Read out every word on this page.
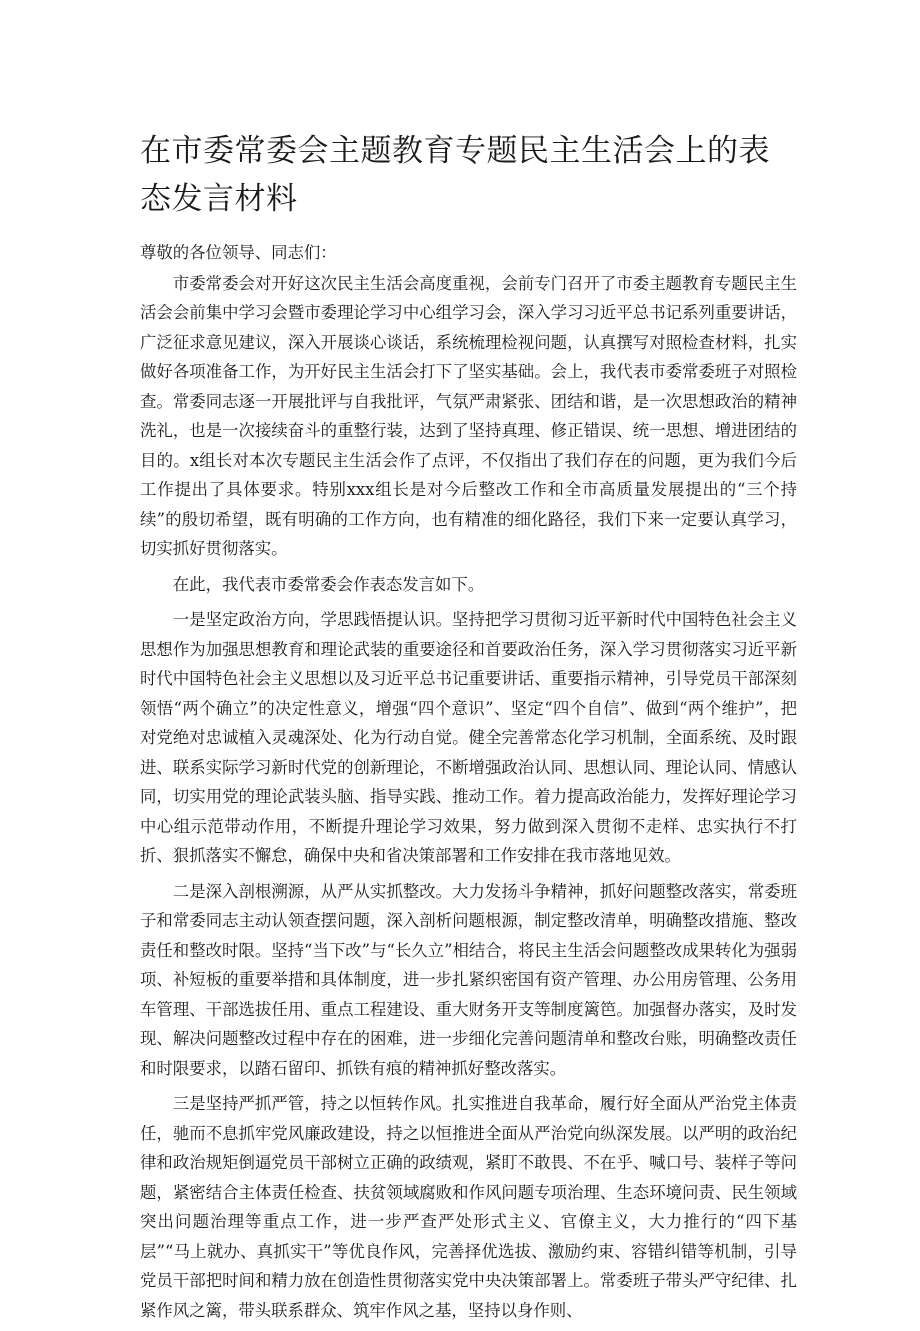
在市委常委会主题教育专题民主生活会上的表态发言材料

尊敬的各位领导、同志们：

市委常委会对开好这次民主生活会高度重视，会前专门召开了市委主题教育专题民主生活会会前集中学习会暨市委理论学习中心组学习会，深入学习习近平总书记系列重要讲话，广泛征求意见建议，深入开展谈心谈话，系统梳理检视问题，认真撰写对照检查材料，扎实做好各项准备工作，为开好民主生活会打下了坚实基础。会上，我代表市委常委班子对照检查。常委同志逐一开展批评与自我批评，气氛严肃紧张、团结和谐，是一次思想政治的精神洗礼，也是一次接续奋斗的重整行装，达到了坚持真理、修正错误、统一思想、增进团结的目的。x组长对本次专题民主生活会作了点评，不仅指出了我们存在的问题，更为我们今后工作提出了具体要求。特别xxx组长是对今后整改工作和全市高质量发展提出的“三个持续”的殷切希望，既有明确的工作方向，也有精准的细化路径，我们下来一定要认真学习，切实抓好贯彻落实。

在此，我代表市委常委会作表态发言如下。

一是坚定政治方向，学思践悟提认识。坚持把学习贯彻习近平新时代中国特色社会主义思想作为加强思想教育和理论武装的重要途径和首要政治任务，深入学习贯彻落实习近平新时代中国特色社会主义思想以及习近平总书记重要讲话、重要指示精神，引导党员干部深刻领悟“两个确立”的决定性意义，增强“四个意识”、坚定“四个自信”、做到“两个维护”，把对党绝对忠诚植入灵魂深处、化为行动自觉。健全完善常态化学习机制，全面系统、及时跟进、联系实际学习新时代党的创新理论，不断增强政治认同、思想认同、理论认同、情感认同，切实用党的理论武装头脑、指导实践、推动工作。着力提高政治能力，发挥好理论学习中心组示范带动作用，不断提升理论学习效果，努力做到深入贯彻不走样、忠实执行不打折、狠抓落实不懈怠，确保中央和省决策部署和工作安排在我市落地见效。

二是深入剖根溯源，从严从实抓整改。大力发扬斗争精神，抓好问题整改落实，常委班子和常委同志主动认领查摆问题，深入剖析问题根源，制定整改清单，明确整改措施、整改责任和整改时限。坚持“当下改”与“长久立”相结合，将民主生活会问题整改成果转化为强弱项、补短板的重要举措和具体制度，进一步扎紧织密国有资产管理、办公用房管理、公务用车管理、干部选拔任用、重点工程建设、重大财务开支等制度篱笆。加强督办落实，及时发现、解决问题整改过程中存在的困难，进一步细化完善问题清单和整改台账，明确整改责任和时限要求，以踏石留印、抓铁有痕的精神抓好整改落实。

三是坚持严抓严管，持之以恒转作风。扎实推进自我革命，履行好全面从严治党主体责任，驰而不息抓牢党风廉政建设，持之以恒推进全面从严治党向纵深发展。以严明的政治纪律和政治规矩倒逼党员干部树立正确的政绩观，紧盯不敢畏、不在乎、喊口号、装样子等问题，紧密结合主体责任检查、扶贫领域腐败和作风问题专项治理、生态环境问责、民生领域突出问题治理等重点工作，进一步严查严处形式主义、官僚主义，大力推行的“四下基层”“马上就办、真抓实干”等优良作风，完善择优选拔、激励约束、容错纠错等机制，引导党员干部把时间和精力放在创造性贯彻落实党中央决策部署上。常委班子带头严守纪律、扎紧作风之篱，带头联系群众、筑牢作风之基，坚持以身作则、
